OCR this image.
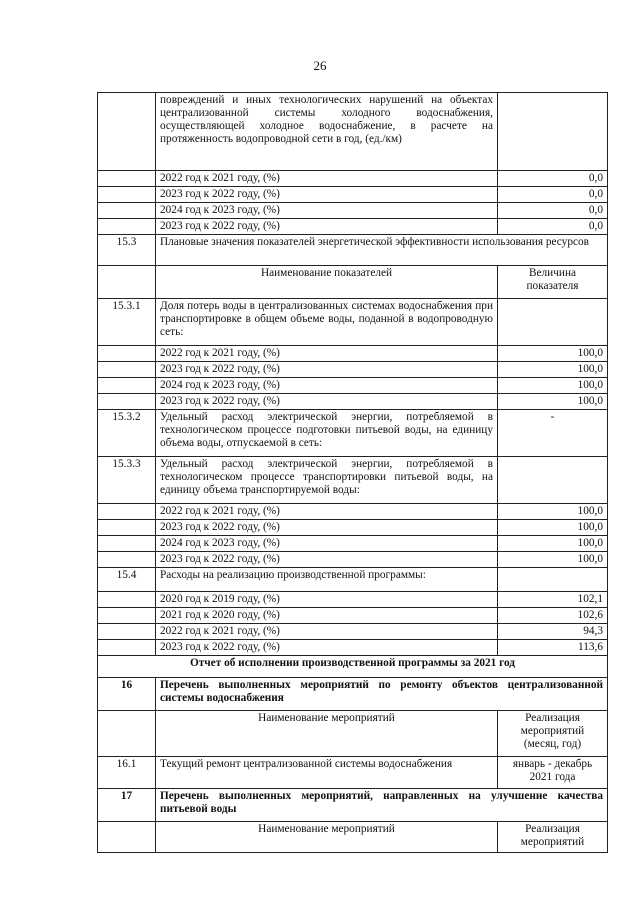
26
	повреждений и иных технологических нарушений на объектах централизованной системы холодного водоснабжения, осуществляющей холодное водоснабжение, в расчете на протяженность водопроводной сети в год, (ед./км)	
	2022 год к 2021 году, (%)	0,0
	2023 год к 2022 году, (%)	0,0
	2024 год к 2023 году, (%)	0,0
	2023 год к 2022 году, (%)	0,0
15.3	Плановые значения показателей энергетической эффективности использования ресурсов	
	Наименование показателей	Величина показателя
15.3.1	Доля потерь воды в централизованных системах водоснабжения при транспортировке в общем объеме воды, поданной в водопроводную сеть:	
	2022 год к 2021 году, (%)	100,0
	2023 год к 2022 году, (%)	100,0
	2024 год к 2023 году, (%)	100,0
	2023 год к 2022 году, (%)	100,0
15.3.2	Удельный расход электрической энергии, потребляемой в технологическом процессе подготовки питьевой воды, на единицу объема воды, отпускаемой в сеть:	-
15.3.3	Удельный расход электрической энергии, потребляемой в технологическом процессе транспортировки питьевой воды, на единицу объема транспортируемой воды:	
	2022 год к 2021 году, (%)	100,0
	2023 год к 2022 году, (%)	100,0
	2024 год к 2023 году, (%)	100,0
	2023 год к 2022 году, (%)	100,0
15.4	Расходы на реализацию производственной программы:	
	2020 год к 2019 году, (%)	102,1
	2021 год к 2020 году, (%)	102,6
	2022 год к 2021 году, (%)	94,3
	2023 год к 2022 году, (%)	113,6
Отчет об исполнении производственной программы за 2021 год		
16	Перечень выполненных мероприятий по ремонту объектов централизованной системы водоснабжения	
	Наименование мероприятий	Реализация мероприятий (месяц, год)
16.1	Текущий ремонт централизованной системы водоснабжения	январь - декабрь 2021 года
17	Перечень выполненных мероприятий, направленных на улучшение качества питьевой воды	
	Наименование мероприятий	Реализация мероприятий
